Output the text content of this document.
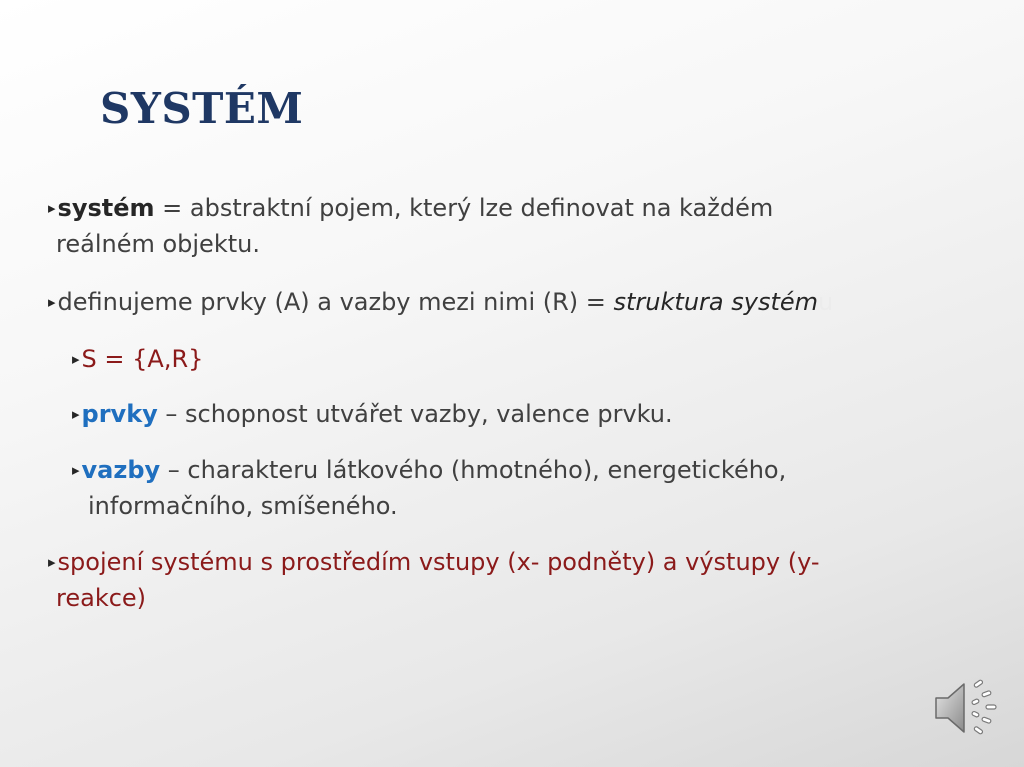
SYSTÉM
▸systém = abstraktní pojem, který lze definovat na každém
reálném objektu.
▸definujeme prvky (A) a vazby mezi nimi (R) = struktura systému
▸S = {A,R}
▸prvky – schopnost utvářet vazby, valence prvku.
▸vazby – charakteru látkového (hmotného), energetického,
informačního, smíšeného.
▸spojení systému s prostředím vstupy (x- podněty) a výstupy (y-
reakce)
